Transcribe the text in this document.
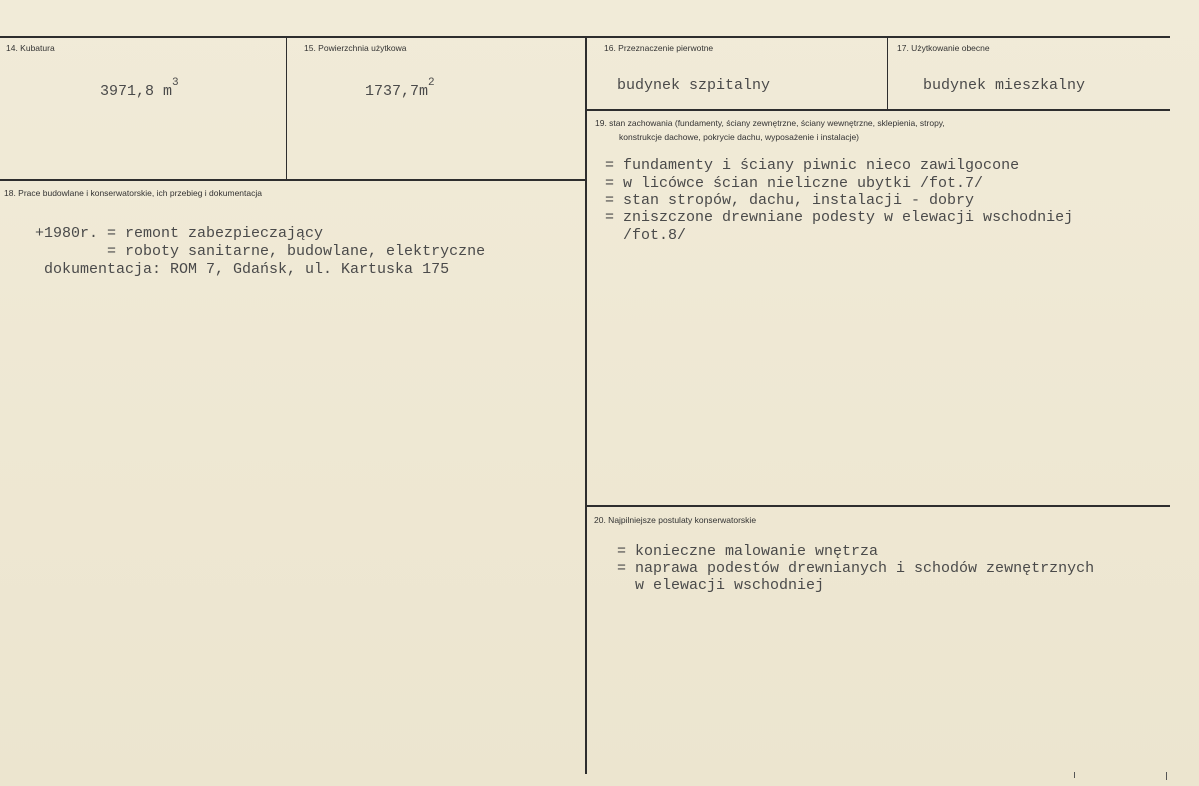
14. Kubatura
3971,8 $m^3$
15. Powierzchnia użytkowa
$1737,7m^2$
16. Przeznaczenie pierwotne
budynek szpitalny
17. Użytkowanie obecne
budynek mieszkalny
18. Prace budowlane i konserwatorskie, ich przebieg i dokumentacja
+1980r. = remont zabezpieczający
= roboty sanitarne, budowlane, elektryczne
dokumentacja: ROM 7, Gdańsk, ul. Kartuska 175
19. stan zachowania (fundamenty, ściany zewnętrzne, ściany wewnętrzne, sklepienia, stropy,
konstrukcje dachowe, pokrycie dachu, wyposażenie i instalacje)
= fundamenty i ściany piwnic nieco zawilgocone
= w licówce ścian nieliczne ubytki /fot.7/
= stan stropów, dachu, instalacji - dobry
= zniszczone drewniane podesty w elewacji wschodniej
/fot.8/
20. Najpilniejsze postulaty konserwatorskie
= konieczne malowanie wnętrza
= naprawa podestów drewnianych i schodów zewnętrznych
w elewacji wschodniej
